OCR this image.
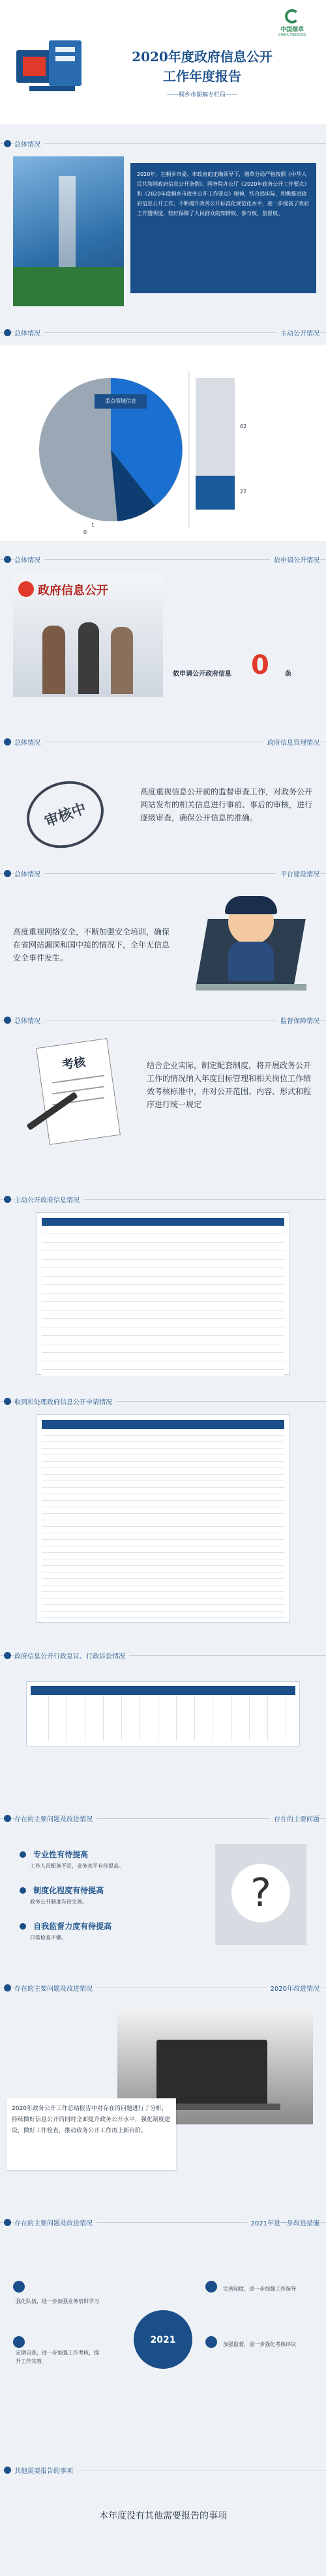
中国烟草
CHINA TOBACCO
2020年度政府信息公开
工作年度报告
——桐乡市图解专栏局——
总体情况
2020年，在桐乡市委、市政府的正确领导下，烟草分局严格按照《中华人民共和国政府信息公开条例》、国务院办公厅《2020年政务公开工作要点》和《2020年度桐乡市政务公开工作要点》精神，结合局实际，积极推进政府信息公开工作，不断提升政务公开标准化规范化水平，进一步提高了政府工作透明度，较好保障了人民群众的知情权、参与权、监督权。
总体情况	主动公开情况
重点领域信息
0
1
62
22
总体情况	依申请公开情况
政府信息公开
依申请公开政府信息 0 条
总体情况	政府信息管理情况
审核中
高度重视信息公开前的监督审查工作，对政务公开网站发布的相关信息进行事前、事后的审核，进行逐级审查，确保公开信息的准确。
总体情况	平台建设情况
高度重视网络安全，不断加强安全培训，确保在省网站漏洞和国中接的情况下，全年无信息安全事件发生。
总体情况	监督保障情况
考核	结合企业实际，制定配套制度，将开展政务公开工作的情况纳入年度目标管理和相关岗位工作绩效考核标准中，并对公开范围、内容、形式和程序进行统一规定
主动公开政府信息情况
收到和处理政府信息公开申请情况
政府信息公开行政复议、行政诉讼情况
存在的主要问题及改进情况	存在的主要问题
专业性有待提高
工作人员配备不足，业务水平有待提高。
制度化程度有待提高
政务公开制度有待完善。
自我监督力度有待提高
日常检查不够。
?
存在的主要问题及改进情况	2020年改进情况
2020年政务公开工作总结报告中对存在的问题进行了分析，持续做好信息公开的同时全面提升政务公开水平，强化制度建设，做好工作检查，推动政务公开工作再上新台阶。
存在的主要问题及改进情况	2021年进一步改进措施
2021
强化队伍，进一步加强业务培训学习
完善制度，进一步加强工作指导
定期自查，进一步加强工作考核，提升工作实效
加强监督，进一步强化考核评议
其他需要报告的事项
本年度没有其他需要报告的事项
